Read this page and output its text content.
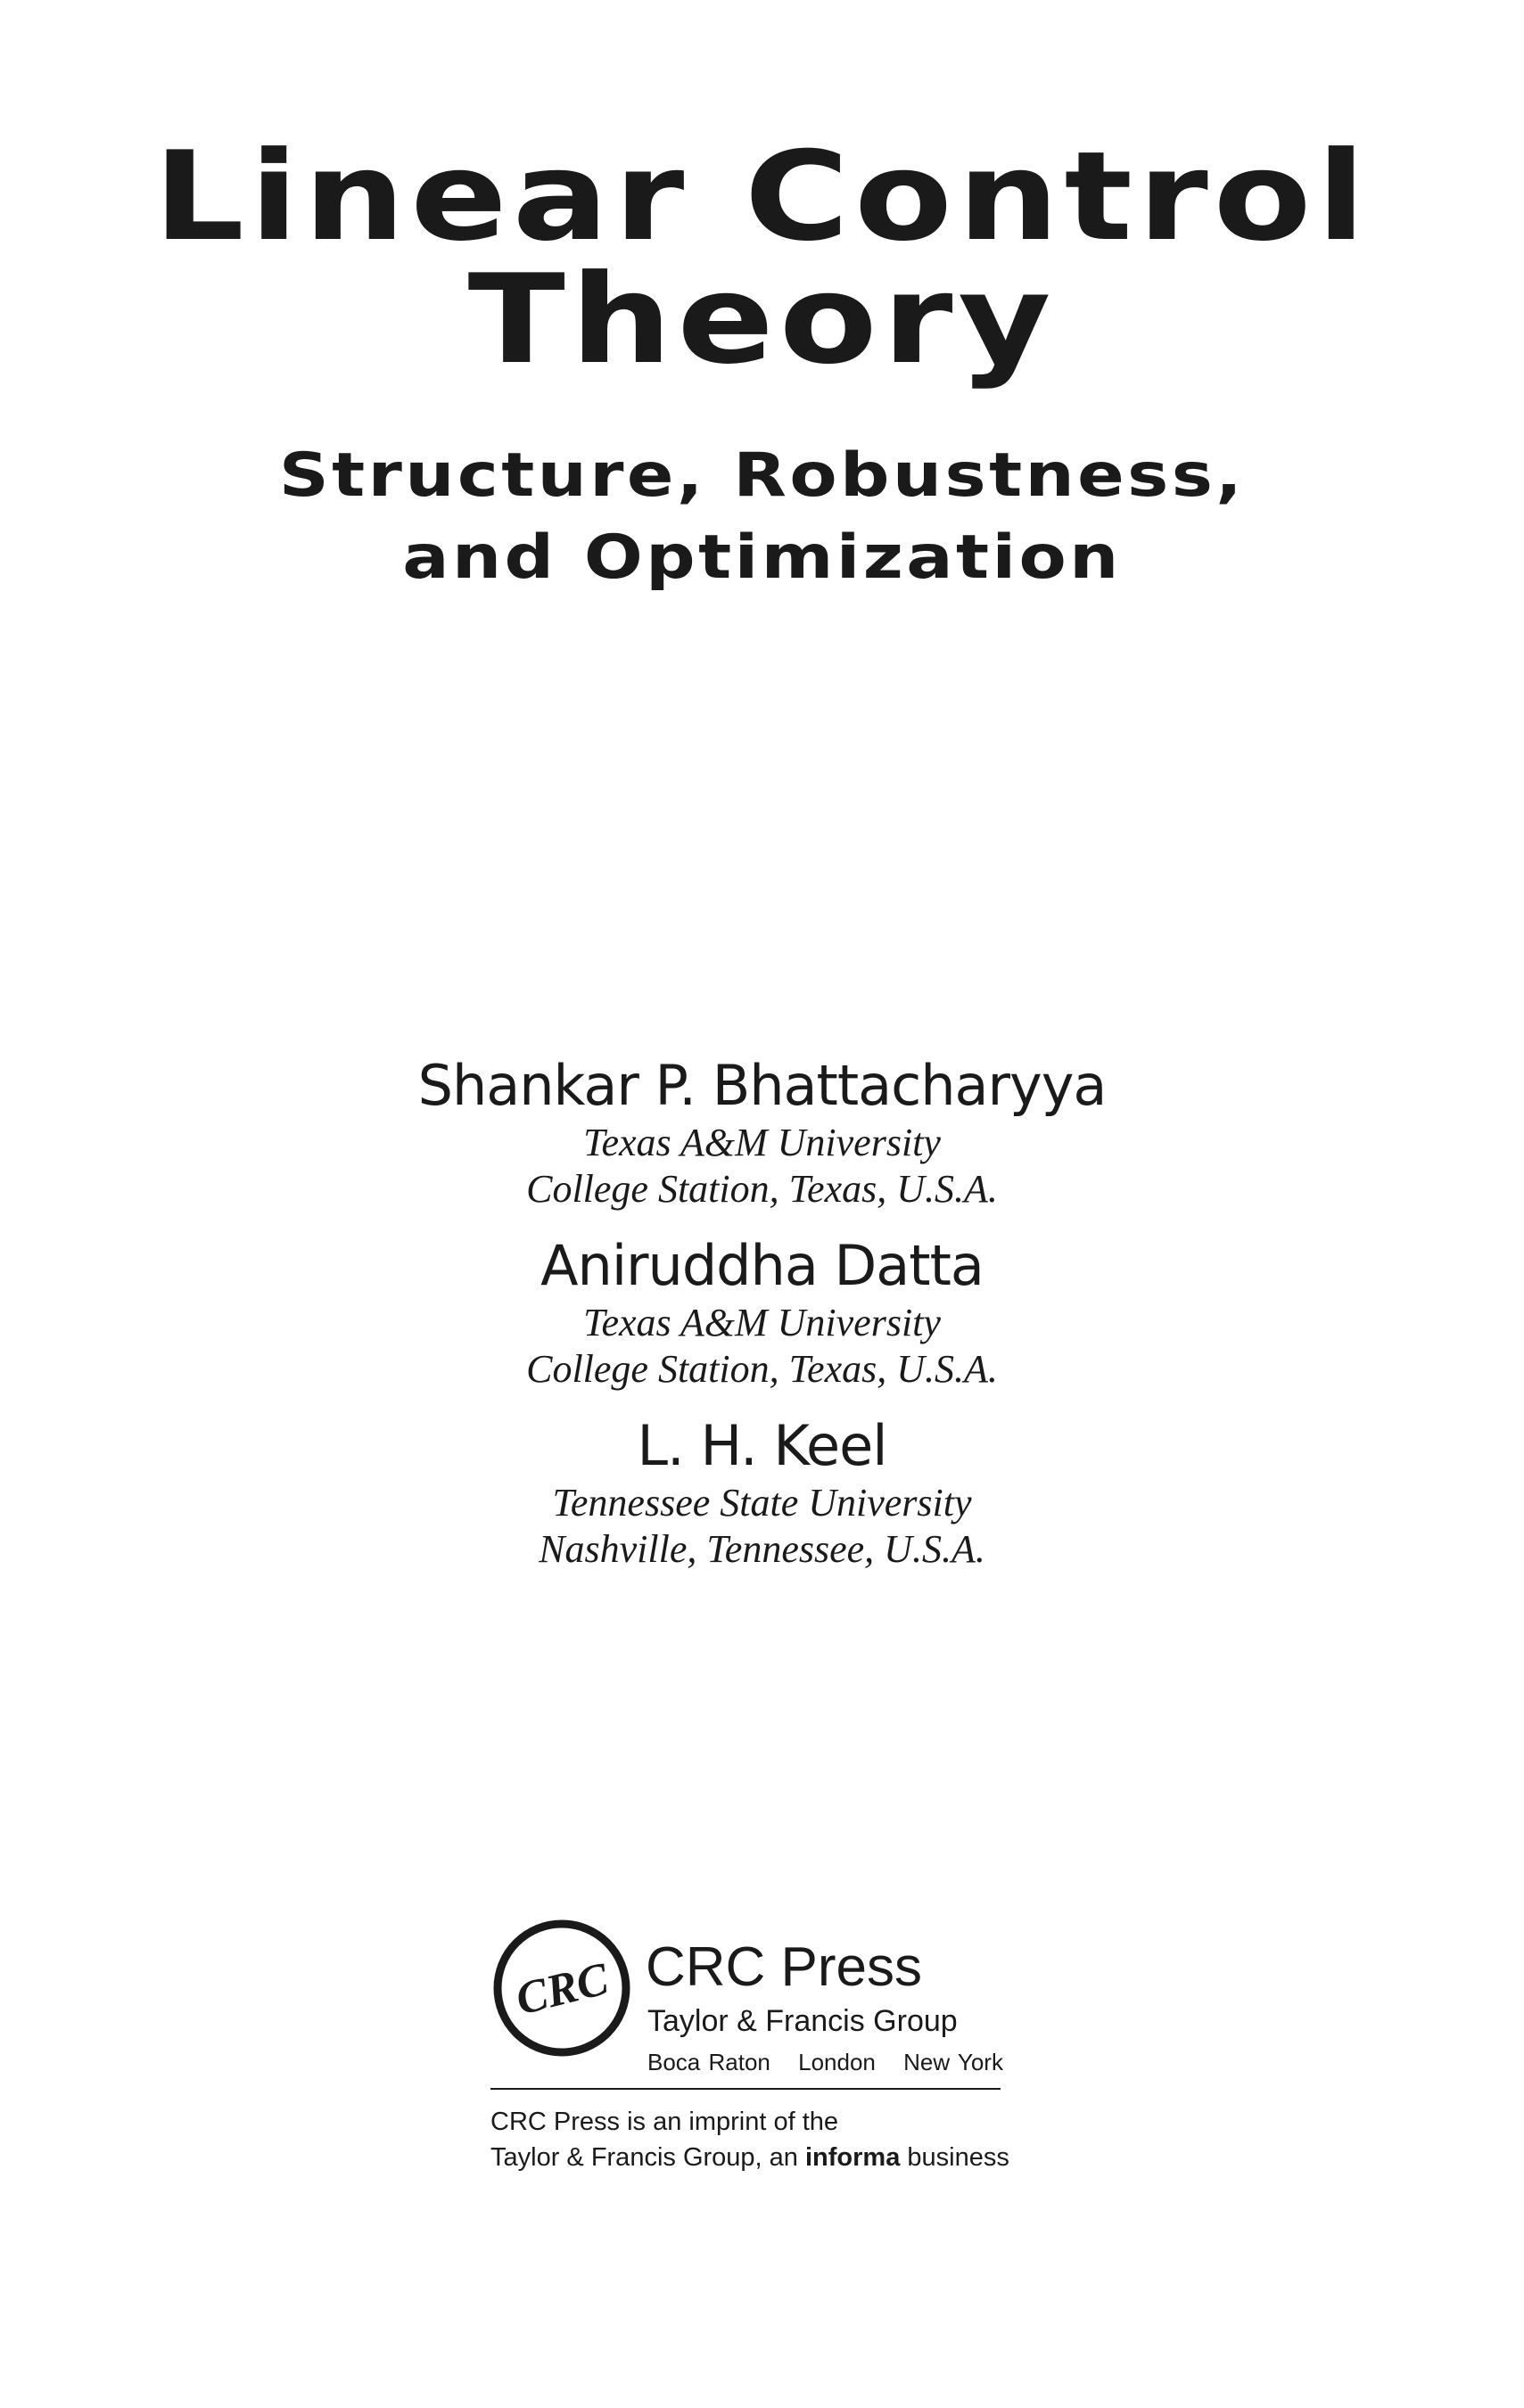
Linear Control
Theory
Structure, Robustness,
and Optimization
Shankar P. Bhattacharyya
Texas A&M University
College Station, Texas, U.S.A.
Aniruddha Datta
Texas A&M University
College Station, Texas, U.S.A.
L. H. Keel
Tennessee State University
Nashville, Tennessee, U.S.A.
CRC CRC Press
Taylor & Francis Group
Boca Raton London New York
CRC Press is an imprint of the
Taylor & Francis Group, an informa business
